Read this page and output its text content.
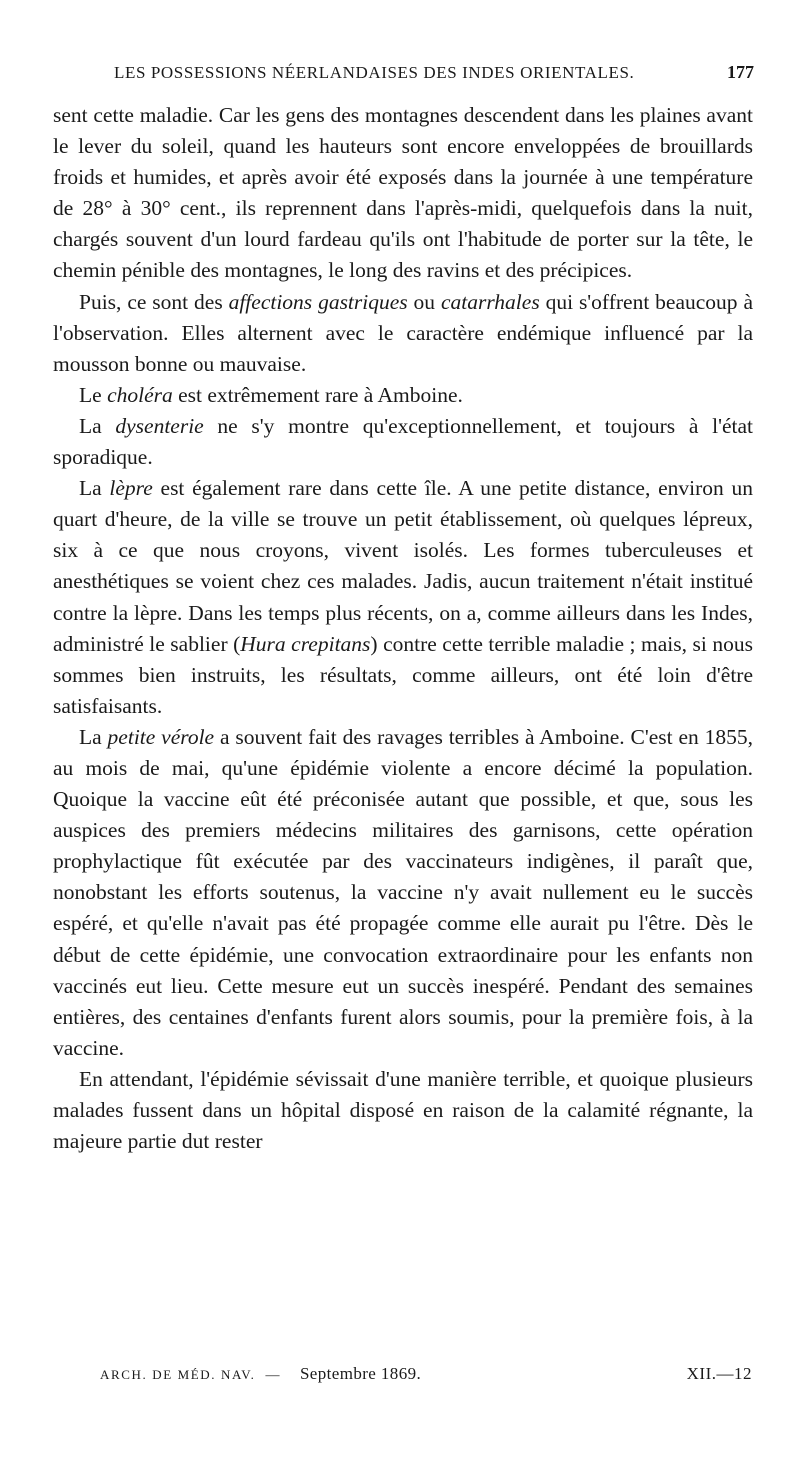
LES POSSESSIONS NÉERLANDAISES DES INDES ORIENTALES.	177

sent cette maladie. Car les gens des montagnes descendent dans les plaines avant le lever du soleil, quand les hauteurs sont encore enveloppées de brouillards froids et humides, et après avoir été exposés dans la journée à une température de 28° à 30° cent., ils reprennent dans l'après-midi, quelquefois dans la nuit, chargés souvent d'un lourd fardeau qu'ils ont l'habitude de porter sur la tête, le chemin pénible des montagnes, le long des ravins et des précipices.

Puis, ce sont des affections gastriques ou catarrhales qui s'offrent beaucoup à l'observation. Elles alternent avec le caractère endémique influencé par la mousson bonne ou mauvaise.

Le choléra est extrêmement rare à Amboine.

La dysenterie ne s'y montre qu'exceptionnellement, et toujours à l'état sporadique.

La lèpre est également rare dans cette île. A une petite distance, environ un quart d'heure, de la ville se trouve un petit établissement, où quelques lépreux, six à ce que nous croyons, vivent isolés. Les formes tuberculeuses et anesthétiques se voient chez ces malades. Jadis, aucun traitement n'était institué contre la lèpre. Dans les temps plus récents, on a, comme ailleurs dans les Indes, administré le sablier (Hura crepitans) contre cette terrible maladie ; mais, si nous sommes bien instruits, les résultats, comme ailleurs, ont été loin d'être satisfaisants.

La petite vérole a souvent fait des ravages terribles à Amboine. C'est en 1855, au mois de mai, qu'une épidémie violente a encore décimé la population. Quoique la vaccine eût été préconisée autant que possible, et que, sous les auspices des premiers médecins militaires des garnisons, cette opération prophylactique fût exécutée par des vaccinateurs indigènes, il paraît que, nonobstant les efforts soutenus, la vaccine n'y avait nullement eu le succès espéré, et qu'elle n'avait pas été propagée comme elle aurait pu l'être. Dès le début de cette épidémie, une convocation extraordinaire pour les enfants non vaccinés eut lieu. Cette mesure eut un succès inespéré. Pendant des semaines entières, des centaines d'enfants furent alors soumis, pour la première fois, à la vaccine.

En attendant, l'épidémie sévissait d'une manière terrible, et quoique plusieurs malades fussent dans un hôpital disposé en raison de la calamité régnante, la majeure partie dut rester

ARCH. DE MÉD. NAV. — Septembre 1869.	XII.—12
